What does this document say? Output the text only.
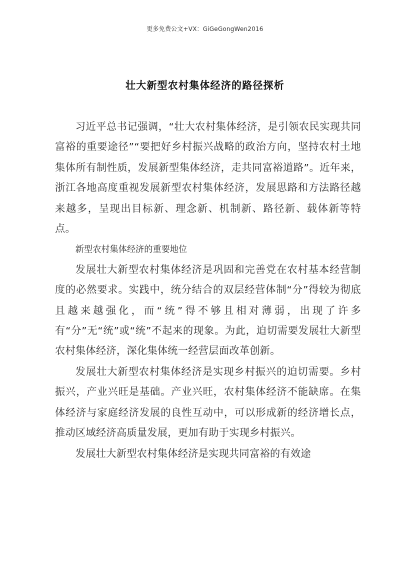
更多免费公文+VX：GiGeGongWen2016
壮大新型农村集体经济的路径探析

习近平总书记强调，“壮大农村集体经济，是引领农民实现共同富裕的重要途径”“要把好乡村振兴战略的政治方向，坚持农村土地集体所有制性质，发展新型集体经济，走共同富裕道路”。近年来，浙江各地高度重视发展新型农村集体经济，发展思路和方法路径越来越多，呈现出目标新、理念新、机制新、路径新、载体新等特点。

新型农村集体经济的重要地位

发展壮大新型农村集体经济是巩固和完善党在农村基本经营制度的必然要求。实践中，统分结合的双层经营体制“分”得较为彻底且越来越强化，而“统”得不够且相对薄弱，出现了许多有“分”无“统”或“统”不起来的现象。为此，迫切需要发展壮大新型农村集体经济，深化集体统一经营层面改革创新。

发展壮大新型农村集体经济是实现乡村振兴的迫切需要。乡村振兴，产业兴旺是基础。产业兴旺，农村集体经济不能缺席。在集体经济与家庭经济发展的良性互动中，可以形成新的经济增长点，推动区域经济高质量发展，更加有助于实现乡村振兴。

发展壮大新型农村集体经济是实现共同富裕的有效途
